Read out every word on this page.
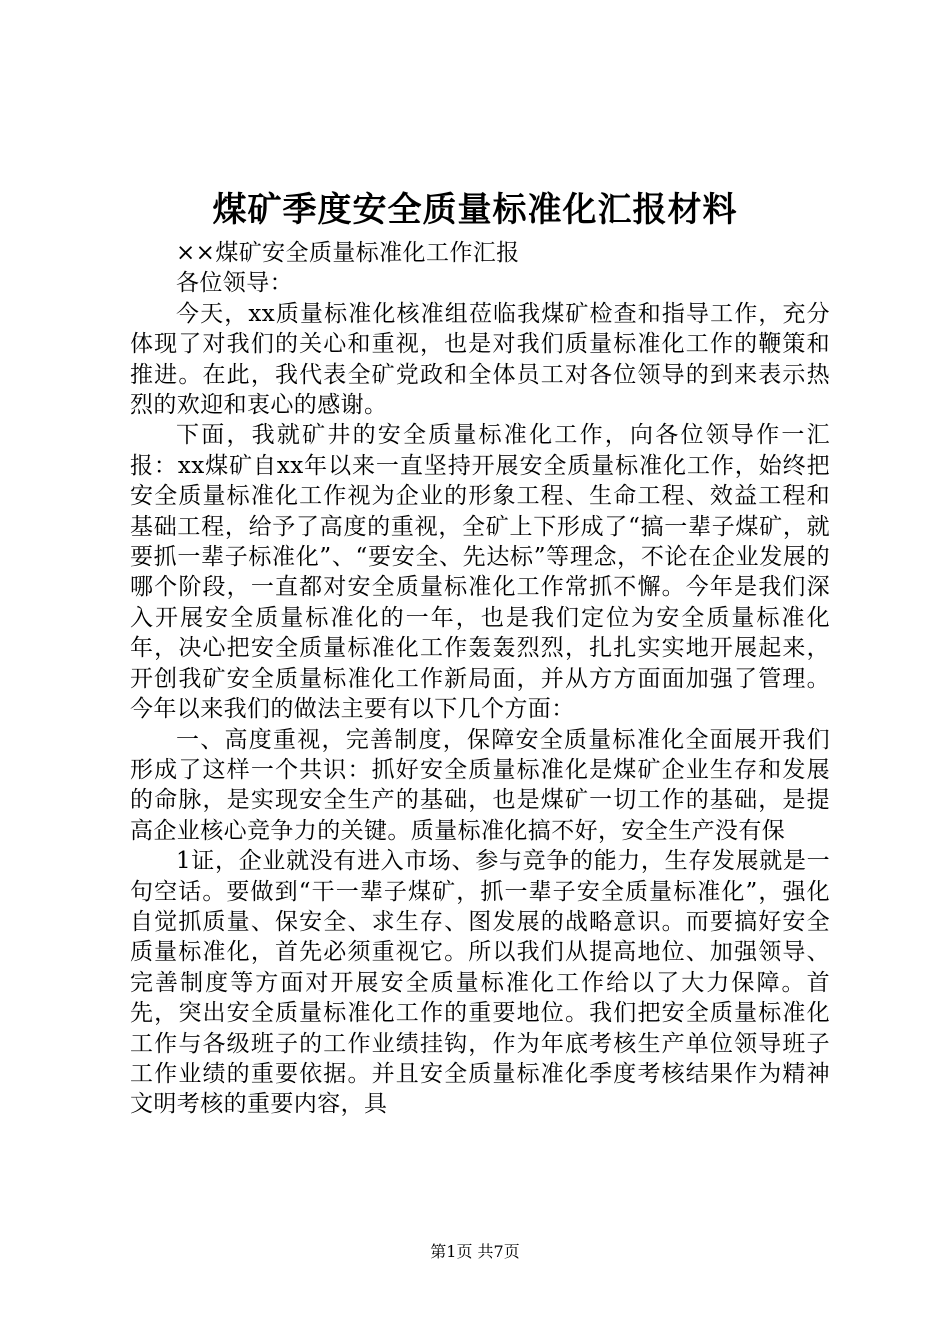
煤矿季度安全质量标准化汇报材料

××煤矿安全质量标准化工作汇报

各位领导：

今天，xx质量标准化核准组莅临我煤矿检查和指导工作，充分体现了对我们的关心和重视，也是对我们质量标准化工作的鞭策和推进。在此，我代表全矿党政和全体员工对各位领导的到来表示热烈的欢迎和衷心的感谢。

下面，我就矿井的安全质量标准化工作，向各位领导作一汇报：xx煤矿自xx年以来一直坚持开展安全质量标准化工作，始终把安全质量标准化工作视为企业的形象工程、生命工程、效益工程和基础工程，给予了高度的重视，全矿上下形成了“搞一辈子煤矿，就要抓一辈子标准化”、“要安全、先达标”等理念，不论在企业发展的哪个阶段，一直都对安全质量标准化工作常抓不懈。今年是我们深入开展安全质量标准化的一年，也是我们定位为安全质量标准化年，决心把安全质量标准化工作轰轰烈烈，扎扎实实地开展起来，开创我矿安全质量标准化工作新局面，并从方方面面加强了管理。今年以来我们的做法主要有以下几个方面：

一、高度重视，完善制度，保障安全质量标准化全面展开我们形成了这样一个共识：抓好安全质量标准化是煤矿企业生存和发展的命脉，是实现安全生产的基础，也是煤矿一切工作的基础，是提高企业核心竞争力的关键。质量标准化搞不好，安全生产没有保

1证，企业就没有进入市场、参与竞争的能力，生存发展就是一句空话。要做到“干一辈子煤矿，抓一辈子安全质量标准化”，强化自觉抓质量、保安全、求生存、图发展的战略意识。而要搞好安全质量标准化，首先必须重视它。所以我们从提高地位、加强领导、完善制度等方面对开展安全质量标准化工作给以了大力保障。首先，突出安全质量标准化工作的重要地位。我们把安全质量标准化工作与各级班子的工作业绩挂钩，作为年底考核生产单位领导班子工作业绩的重要依据。并且安全质量标准化季度考核结果作为精神文明考核的重要内容，具

第1页 共7页
